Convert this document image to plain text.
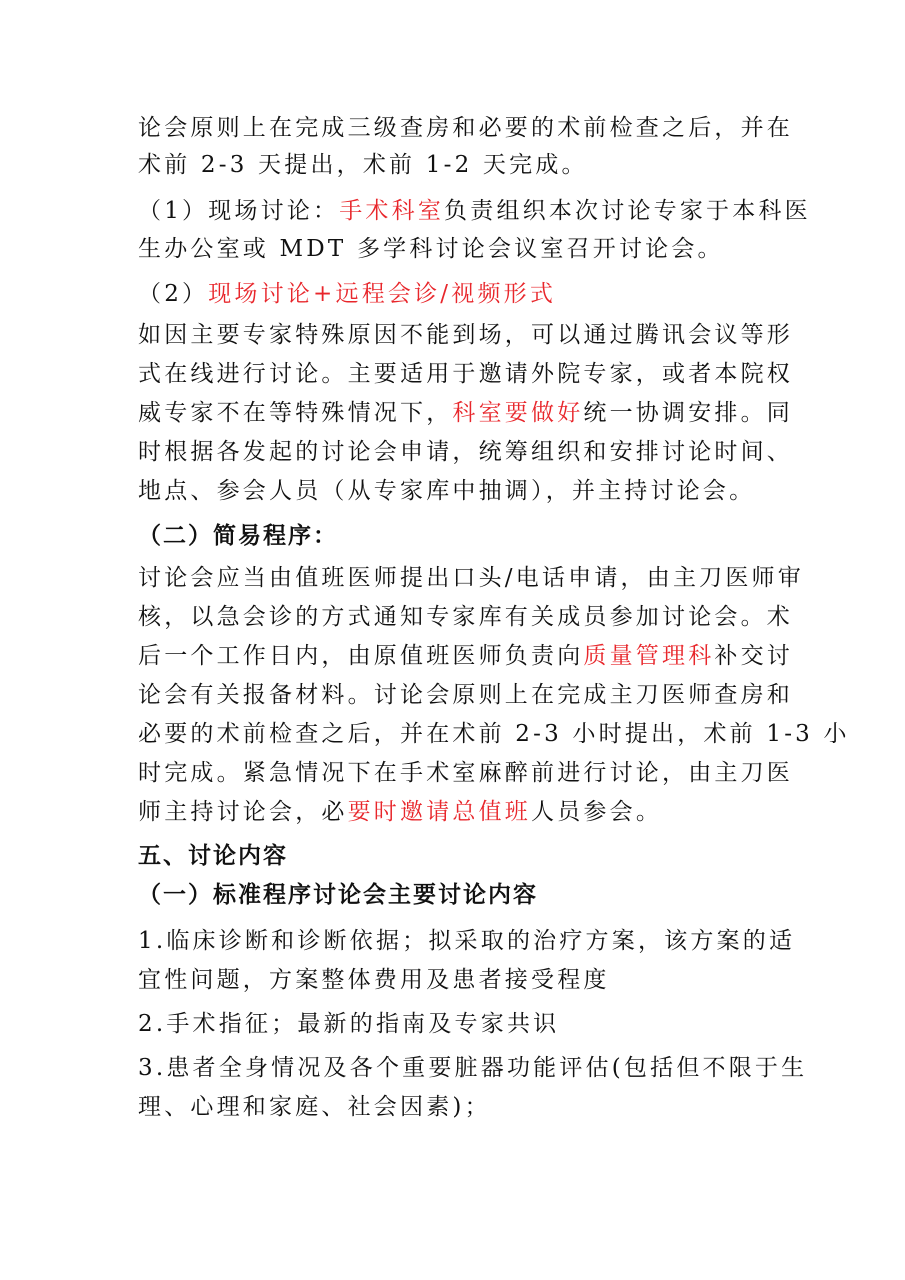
论会原则上在完成三级查房和必要的术前检查之后，并在

术前 2-3 天提出，术前 1-2 天完成。

（1）现场讨论：手术科室负责组织本次讨论专家于本科医

生办公室或 MDT 多学科讨论会议室召开讨论会。

（2）现场讨论+远程会诊/视频形式

如因主要专家特殊原因不能到场，可以通过腾讯会议等形

式在线进行讨论。主要适用于邀请外院专家，或者本院权

威专家不在等特殊情况下，科室要做好统一协调安排。同

时根据各发起的讨论会申请，统筹组织和安排讨论时间、

地点、参会人员（从专家库中抽调），并主持讨论会。

（二）简易程序：

讨论会应当由值班医师提出口头/电话申请，由主刀医师审

核，以急会诊的方式通知专家库有关成员参加讨论会。术

后一个工作日内，由原值班医师负责向质量管理科补交讨

论会有关报备材料。讨论会原则上在完成主刀医师查房和

必要的术前检查之后，并在术前 2-3 小时提出，术前 1-3 小

时完成。紧急情况下在手术室麻醉前进行讨论，由主刀医

师主持讨论会，必要时邀请总值班人员参会。

五、讨论内容

（一）标准程序讨论会主要讨论内容

1.临床诊断和诊断依据；拟采取的治疗方案，该方案的适

宜性问题，方案整体费用及患者接受程度

2.手术指征；最新的指南及专家共识

3.患者全身情况及各个重要脏器功能评估(包括但不限于生

理、心理和家庭、社会因素)；
